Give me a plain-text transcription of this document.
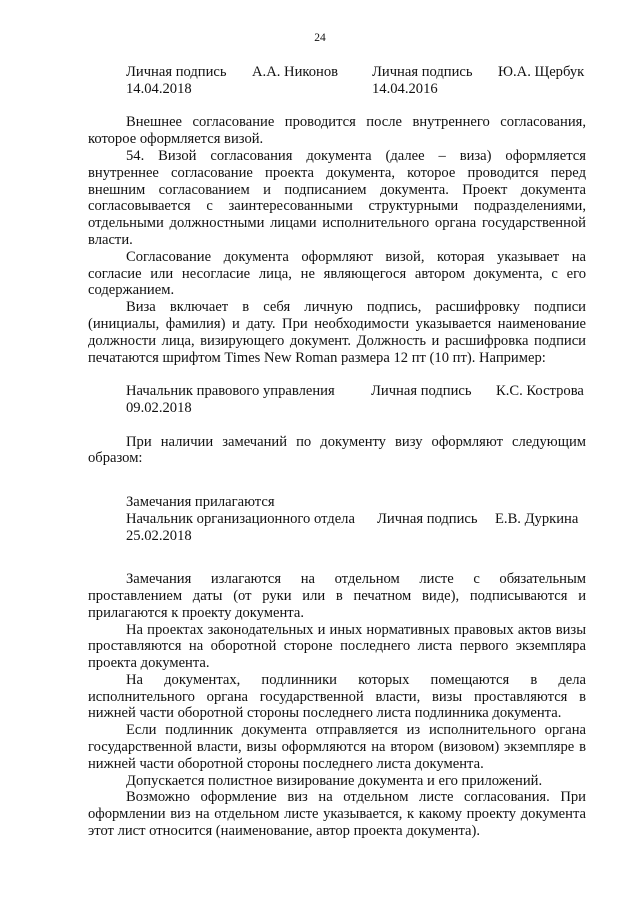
24
Личная подпись А.А. Никонов Личная подпись Ю.А. Щербук
14.04.2018	14.04.2016

Внешнее согласование проводится после внутреннего согласования, которое оформляется визой.

54. Визой согласования документа (далее – виза) оформляется внутреннее согласование проекта документа, которое проводится перед внешним согласованием и подписанием документа. Проект документа согласовывается с заинтересованными структурными подразделениями, отдельными должностными лицами исполнительного органа государственной власти.

Согласование документа оформляют визой, которая указывает на согласие или несогласие лица, не являющегося автором документа, с его содержанием.

Виза включает в себя личную подпись, расшифровку подписи (инициалы, фамилия) и дату. При необходимости указывается наименование должности лица, визирующего документ. Должность и расшифровка подписи печатаются шрифтом Times New Roman размера 12 пт (10 пт). Например:

Начальник правового управления Личная подпись К.С. Кострова
09.02.2018

При наличии замечаний по документу визу оформляют следующим образом:

Замечания прилагаются
Начальник организационного отдела Личная подпись Е.В. Дуркина
25.02.2018

Замечания излагаются на отдельном листе с обязательным проставлением даты (от руки или в печатном виде), подписываются и прилагаются к проекту документа.

На проектах законодательных и иных нормативных правовых актов визы проставляются на оборотной стороне последнего листа первого экземпляра проекта документа.

На документах, подлинники которых помещаются в дела исполнительного органа государственной власти, визы проставляются в нижней части оборотной стороны последнего листа подлинника документа.

Если подлинник документа отправляется из исполнительного органа государственной власти, визы оформляются на втором (визовом) экземпляре в нижней части оборотной стороны последнего листа документа.

Допускается полистное визирование документа и его приложений.

Возможно оформление виз на отдельном листе согласования. При оформлении виз на отдельном листе указывается, к какому проекту документа этот лист относится (наименование, автор проекта документа).
